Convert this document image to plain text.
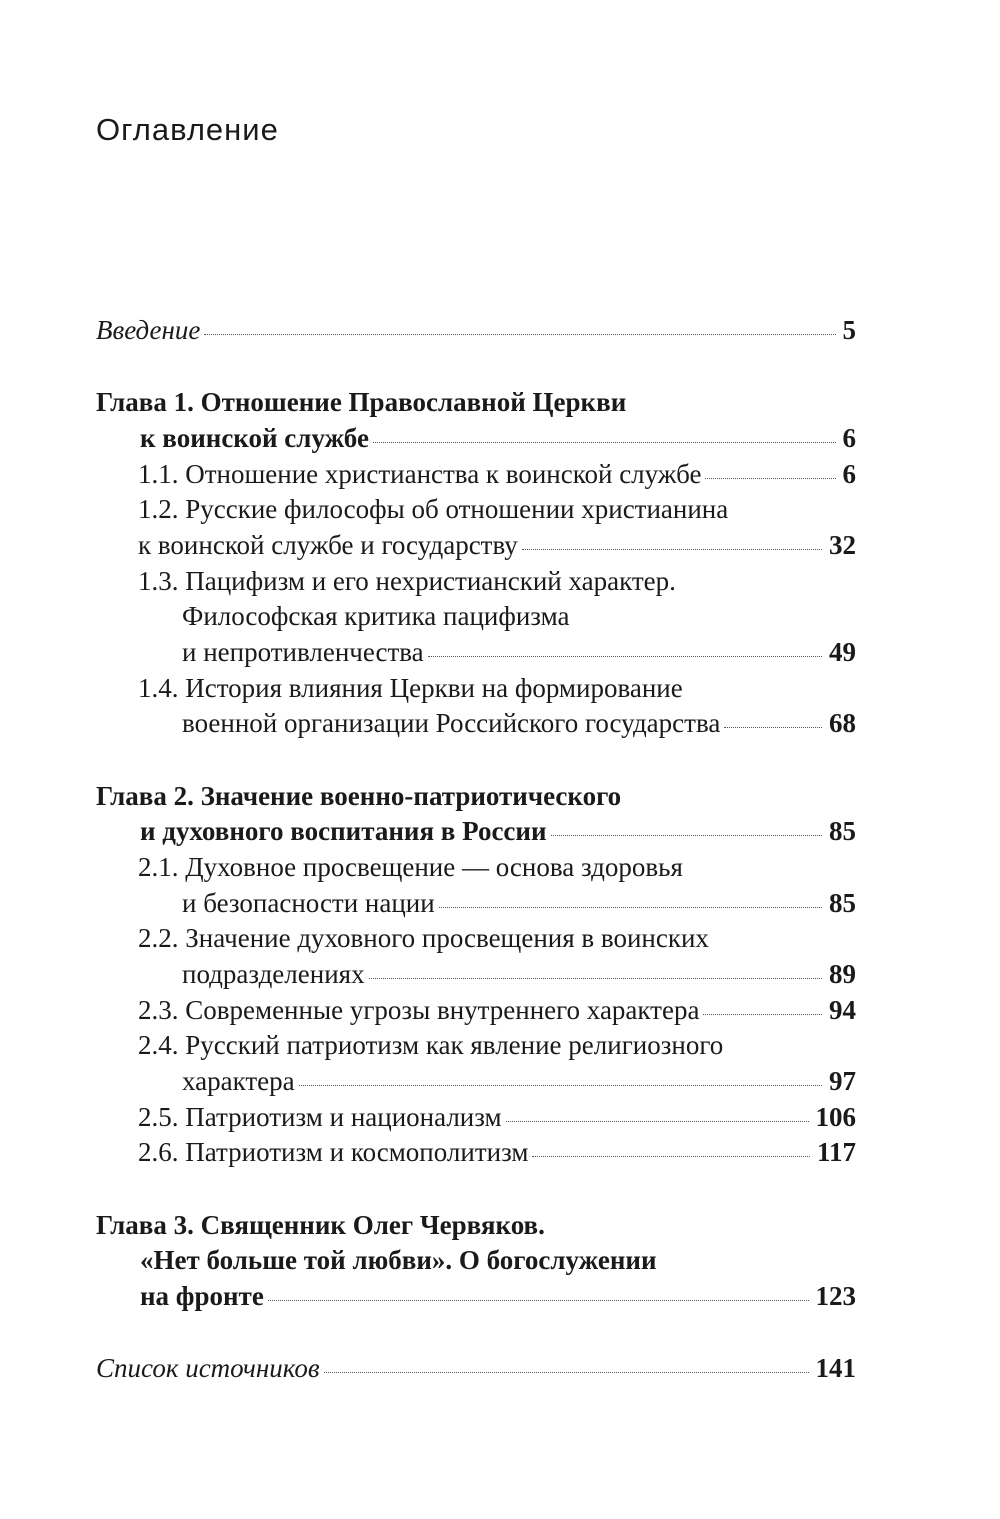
Оглавление
Введение	5
Глава 1. Отношение Православной Церкви
к воинской службе	6
1.1. Отношение христианства к воинской службе	6
1.2. Русские философы об отношении христианина
к воинской службе и государству	32
1.3. Пацифизм и его нехристианский характер.
Философская критика пацифизма
и непротивленчества	49
1.4. История влияния Церкви на формирование
военной организации Российского государства	68
Глава 2. Значение военно-патриотического
и духовного воспитания в России	85
2.1. Духовное просвещение — основа здоровья
и безопасности нации	85
2.2. Значение духовного просвещения в воинских
подразделениях	89
2.3. Современные угрозы внутреннего характера	94
2.4. Русский патриотизм как явление религиозного
характера	97
2.5. Патриотизм и национализм	106
2.6. Патриотизм и космополитизм	117
Глава 3. Священник Олег Червяков.
«Нет больше той любви». О богослужении
на фронте	123
Список источников	141
